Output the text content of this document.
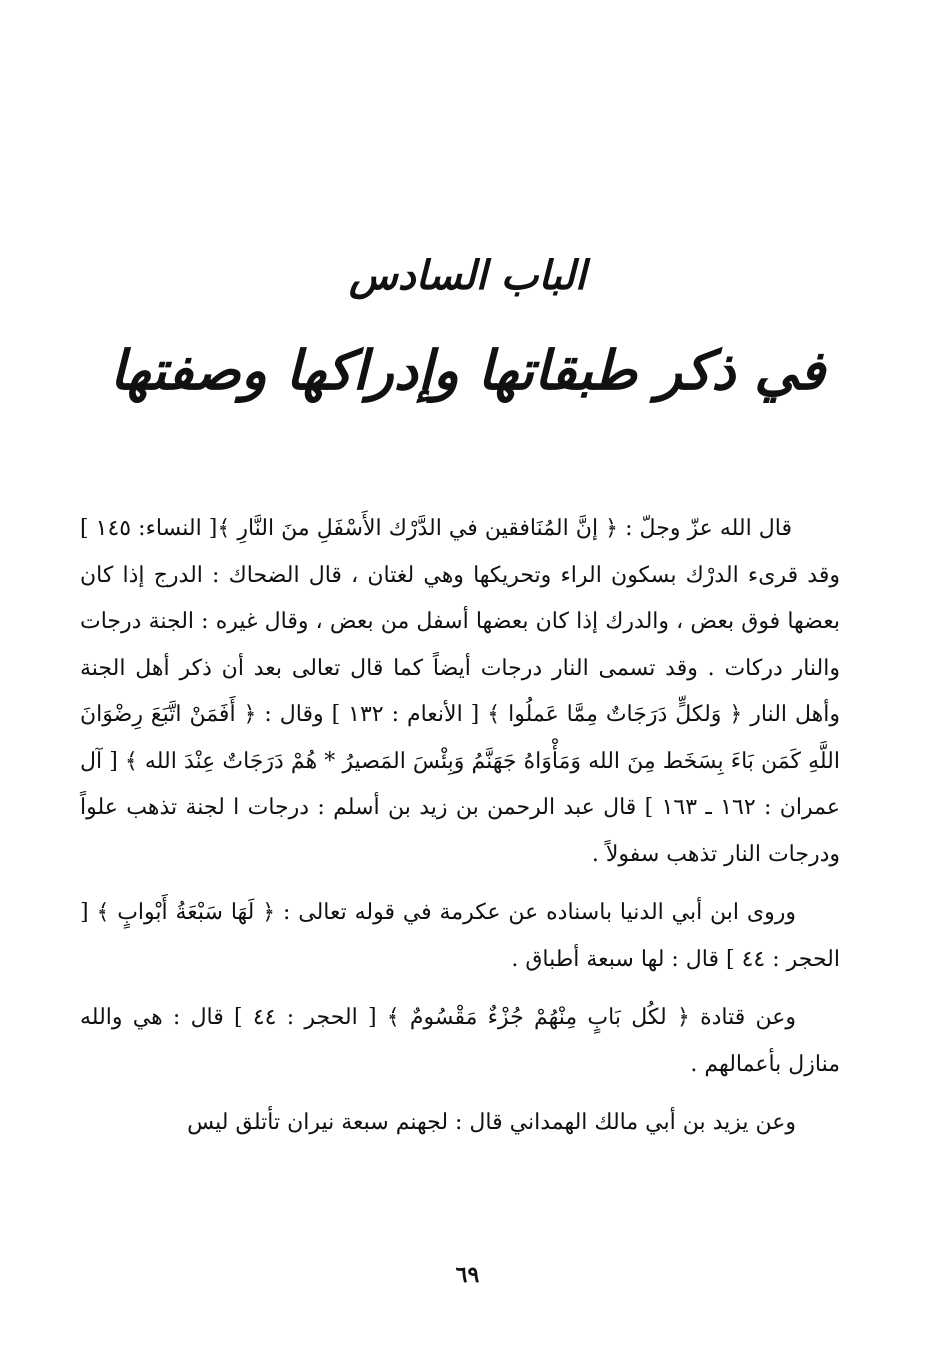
الباب السادس
في ذكر طبقاتها وإدراكها وصفتها

قال الله عزّ وجلّ : ﴿ إنَّ المُنَافقين في الدَّرْك الأَسْفَلِ منَ النَّارِ ﴾[ النساء: ١٤٥ ] وقد قرىء الدرْك بسكون الراء وتحريكها وهي لغتان ، قال الضحاك : الدرج إذا كان بعضها فوق بعض ، والدرك إذا كان بعضها أسفل من بعض ، وقال غيره : الجنة درجات والنار دركات . وقد تسمى النار درجات أيضاً كما قال تعالى بعد أن ذكر أهل الجنة وأهل النار ﴿ وَلكلٍّ دَرَجَاتٌ مِمَّا عَملُوا ﴾ [ الأنعام : ١٣٢ ] وقال : ﴿ أَفَمَنْ اتَّبَعَ رِضْوَانَ اللَّهِ كَمَن بَاءَ بِسَخَط مِنَ الله وَمَأْوَاهُ جَهَنَّمُ وَبِئْسَ المَصيرُ * هُمْ دَرَجَاتٌ عِنْدَ الله ﴾ [ آل عمران : ١٦٢ ـ ١٦٣ ] قال عبد الرحمن بن زيد بن أسلم : درجات ا لجنة تذهب علواً ودرجات النار تذهب سفولاً .

وروى ابن أبي الدنيا باسناده عن عكرمة في قوله تعالى : ﴿ لَهَا سَبْعَةُ أَبْوابٍ ﴾ [ الحجر : ٤٤ ] قال : لها سبعة أطباق .

وعن قتادة ﴿ لكُل بَابٍ مِنْهُمْ جُزْءٌ مَقْسُومٌ ﴾ [ الحجر : ٤٤ ] قال : هي والله منازل بأعمالهم .

وعن يزيد بن أبي مالك الهمداني قال : لجهنم سبعة نيران تأتلق ليس

٦٩
